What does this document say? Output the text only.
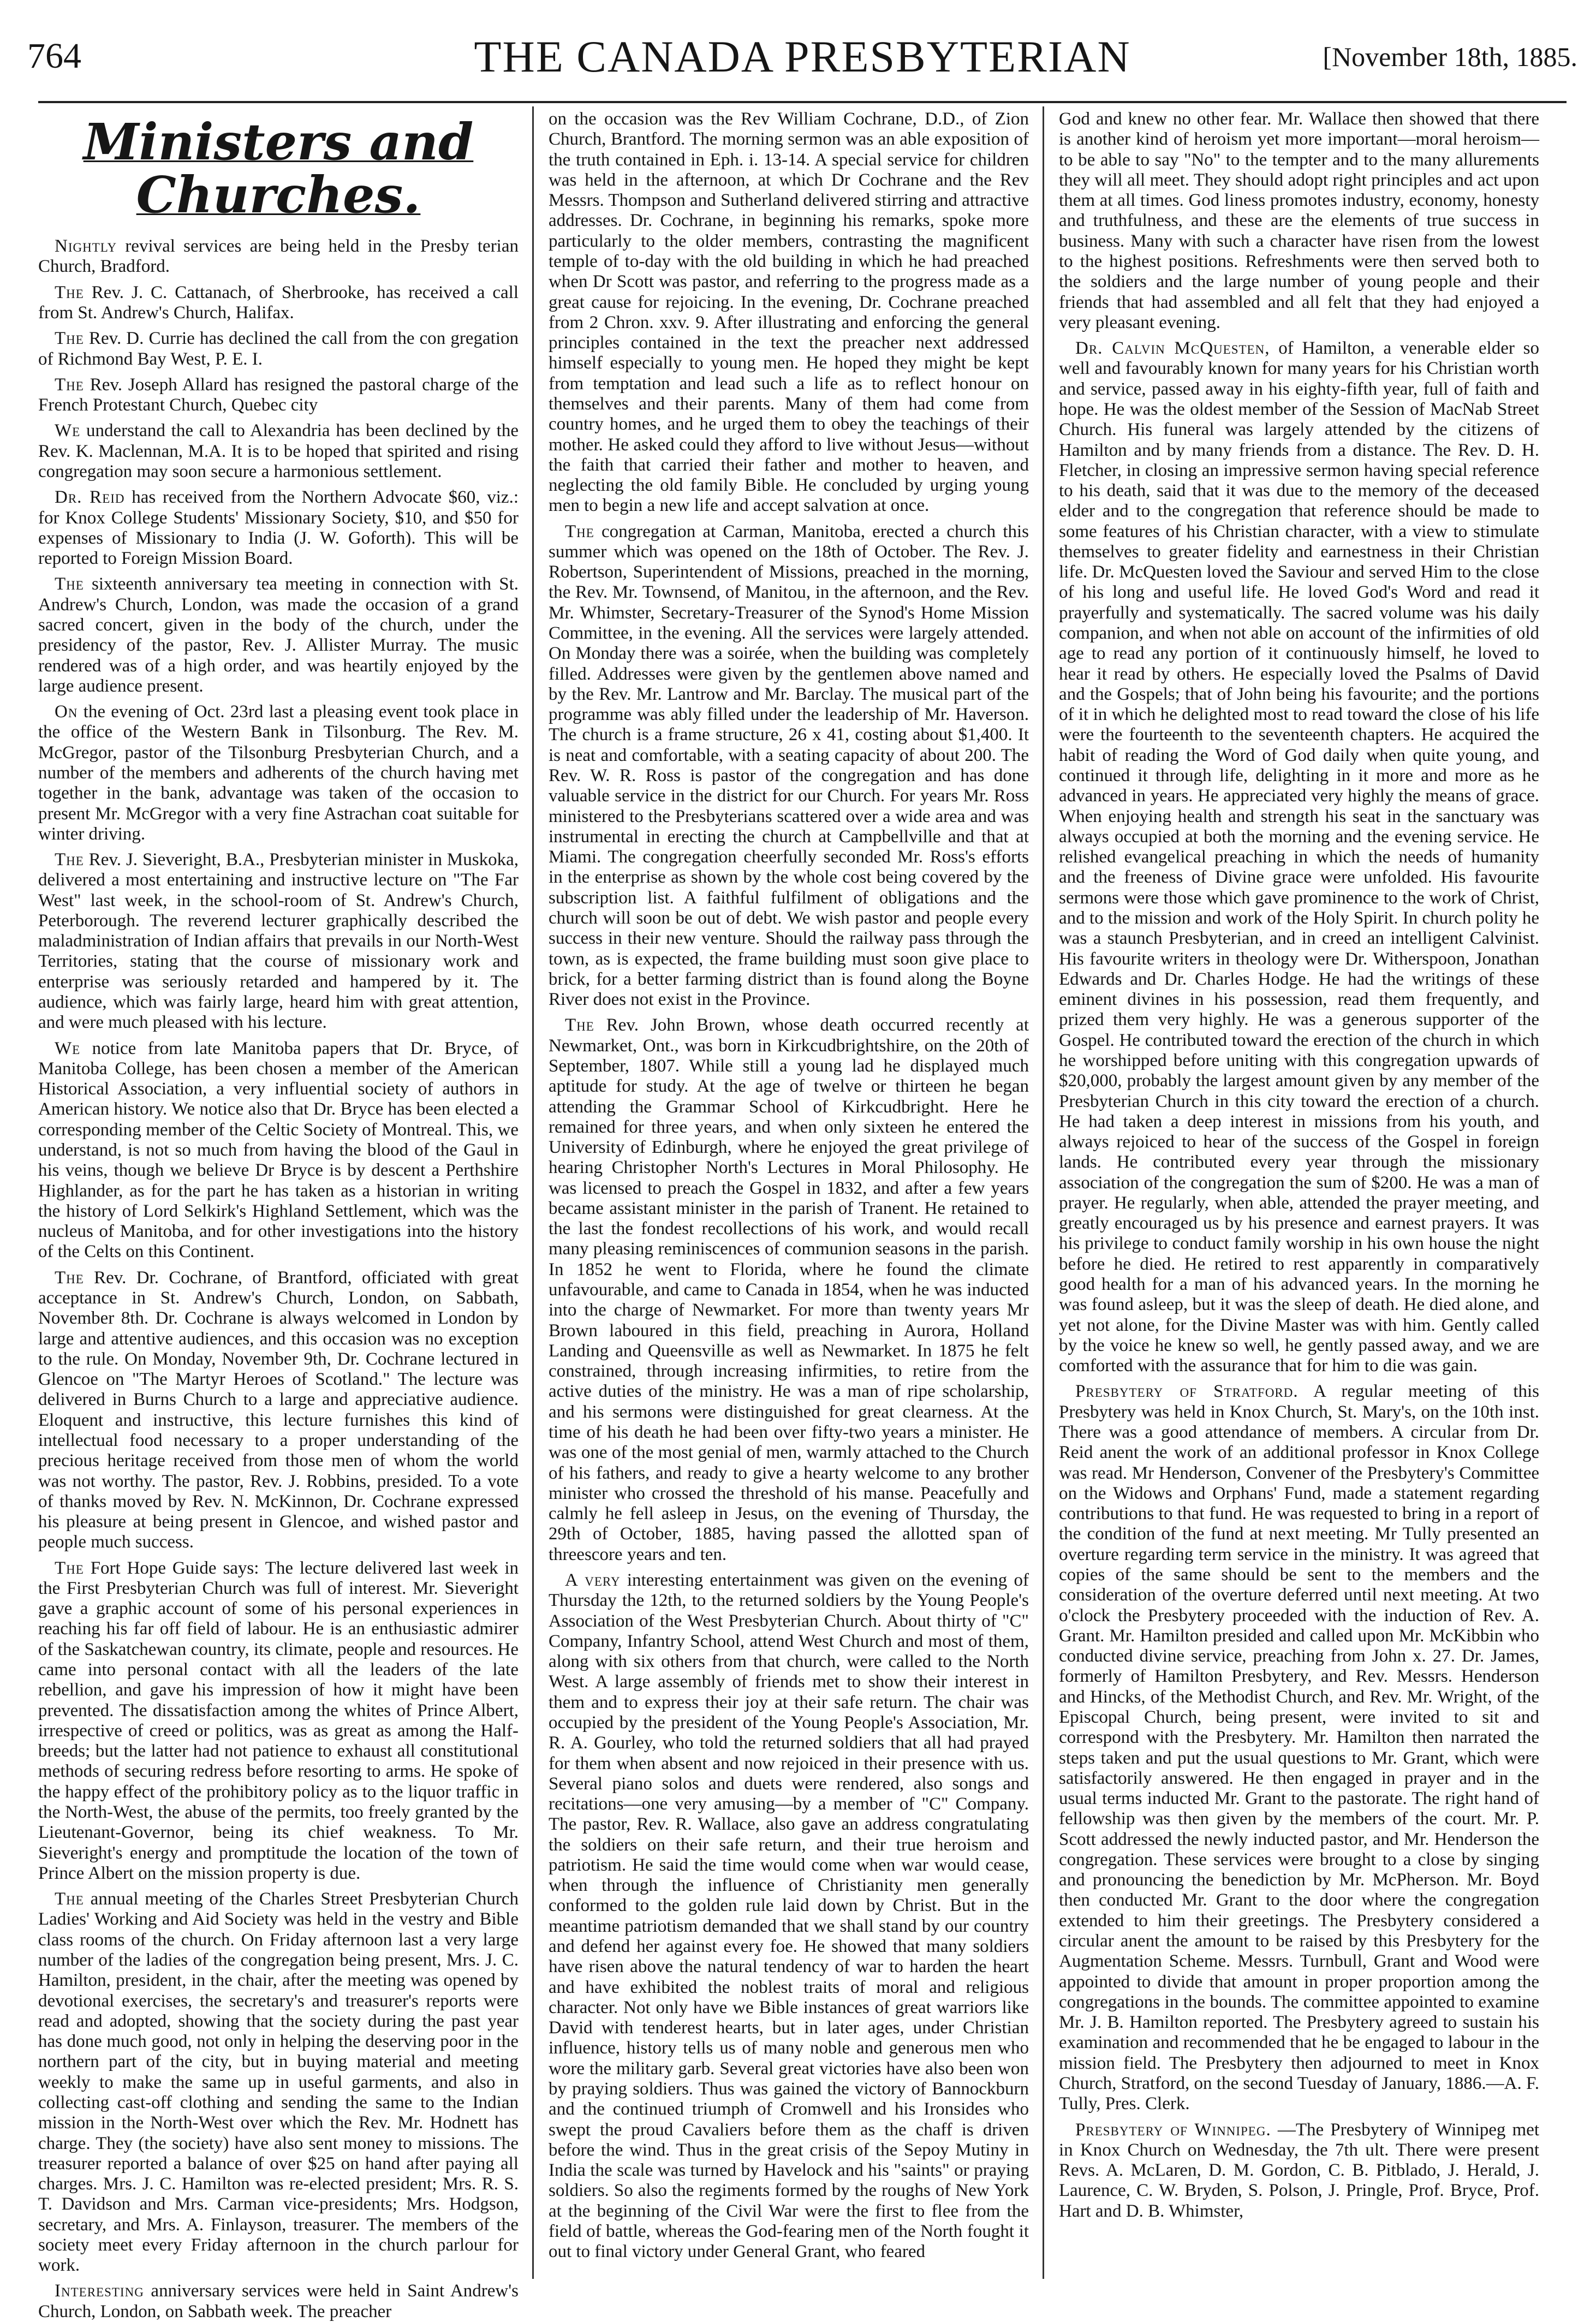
764	THE CANADA PRESBYTERIAN	[November 18th, 1885.
Ministers and Churches.

Nightly revival services are being held in the Presby terian Church, Bradford.

The Rev. J. C. Cattanach, of Sherbrooke, has received a call from St. Andrew's Church, Halifax.

The Rev. D. Currie has declined the call from the con gregation of Richmond Bay West, P. E. I.

The Rev. Joseph Allard has resigned the pastoral charge of the French Protestant Church, Quebec city

We understand the call to Alexandria has been declined by the Rev. K. Maclennan, M.A. It is to be hoped that spirited and rising congregation may soon secure a harmonious settlement.

Dr. Reid has received from the Northern Advocate $60, viz.: for Knox College Students' Missionary Society, $10, and $50 for expenses of Missionary to India (J. W. Goforth). This will be reported to Foreign Mission Board.

The sixteenth anniversary tea meeting in connection with St. Andrew's Church, London, was made the occasion of a grand sacred concert, given in the body of the church, under the presidency of the pastor, Rev. J. Allister Murray. The music rendered was of a high order, and was heartily enjoyed by the large audience present.

On the evening of Oct. 23rd last a pleasing event took place in the office of the Western Bank in Tilsonburg. The Rev. M. McGregor, pastor of the Tilsonburg Presbyterian Church, and a number of the members and adherents of the church having met together in the bank, advantage was taken of the occasion to present Mr. McGregor with a very fine Astrachan coat suitable for winter driving.

The Rev. J. Sieveright, B.A., Presbyterian minister in Muskoka, delivered a most entertaining and instructive lecture on "The Far West" last week, in the school-room of St. Andrew's Church, Peterborough. The reverend lecturer graphically described the maladministration of Indian affairs that prevails in our North-West Territories, stating that the course of missionary work and enterprise was seriously retarded and hampered by it. The audience, which was fairly large, heard him with great attention, and were much pleased with his lecture.

We notice from late Manitoba papers that Dr. Bryce, of Manitoba College, has been chosen a member of the American Historical Association, a very influential society of authors in American history. We notice also that Dr. Bryce has been elected a corresponding member of the Celtic Society of Montreal. This, we understand, is not so much from having the blood of the Gaul in his veins, though we believe Dr Bryce is by descent a Perthshire Highlander, as for the part he has taken as a historian in writing the history of Lord Selkirk's Highland Settlement, which was the nucleus of Manitoba, and for other investigations into the history of the Celts on this Continent.

The Rev. Dr. Cochrane, of Brantford, officiated with great acceptance in St. Andrew's Church, London, on Sabbath, November 8th. Dr. Cochrane is always welcomed in London by large and attentive audiences, and this occasion was no exception to the rule. On Monday, November 9th, Dr. Cochrane lectured in Glencoe on "The Martyr Heroes of Scotland." The lecture was delivered in Burns Church to a large and appreciative audience. Eloquent and instructive, this lecture furnishes this kind of intellectual food necessary to a proper understanding of the precious heritage received from those men of whom the world was not worthy. The pastor, Rev. J. Robbins, presided. To a vote of thanks moved by Rev. N. McKinnon, Dr. Cochrane expressed his pleasure at being present in Glencoe, and wished pastor and people much success.

The Fort Hope Guide says: The lecture delivered last week in the First Presbyterian Church was full of interest. Mr. Sieveright gave a graphic account of some of his personal experiences in reaching his far off field of labour. He is an enthusiastic admirer of the Saskatchewan country, its climate, people and resources. He came into personal contact with all the leaders of the late rebellion, and gave his impression of how it might have been prevented. The dissatisfaction among the whites of Prince Albert, irrespective of creed or politics, was as great as among the Half-breeds; but the latter had not patience to exhaust all constitutional methods of securing redress before resorting to arms. He spoke of the happy effect of the prohibitory policy as to the liquor traffic in the North-West, the abuse of the permits, too freely granted by the Lieutenant-Governor, being its chief weakness. To Mr. Sieveright's energy and promptitude the location of the town of Prince Albert on the mission property is due.

The annual meeting of the Charles Street Presbyterian Church Ladies' Working and Aid Society was held in the vestry and Bible class rooms of the church. On Friday afternoon last a very large number of the ladies of the congregation being present, Mrs. J. C. Hamilton, president, in the chair, after the meeting was opened by devotional exercises, the secretary's and treasurer's reports were read and adopted, showing that the society during the past year has done much good, not only in helping the deserving poor in the northern part of the city, but in buying material and meeting weekly to make the same up in useful garments, and also in collecting cast-off clothing and sending the same to the Indian mission in the North-West over which the Rev. Mr. Hodnett has charge. They (the society) have also sent money to missions. The treasurer reported a balance of over $25 on hand after paying all charges. Mrs. J. C. Hamilton was re-elected president; Mrs. R. S. T. Davidson and Mrs. Carman vice-presidents; Mrs. Hodgson, secretary, and Mrs. A. Finlayson, treasurer. The members of the society meet every Friday afternoon in the church parlour for work.

Interesting anniversary services were held in Saint Andrew's Church, London, on Sabbath week. The preacher

on the occasion was the Rev William Cochrane, D.D., of Zion Church, Brantford. The morning sermon was an able exposition of the truth contained in Eph. i. 13-14. A special service for children was held in the afternoon, at which Dr Cochrane and the Rev Messrs. Thompson and Sutherland delivered stirring and attractive addresses. Dr. Cochrane, in beginning his remarks, spoke more particularly to the older members, contrasting the magnificent temple of to-day with the old building in which he had preached when Dr Scott was pastor, and referring to the progress made as a great cause for rejoicing. In the evening, Dr. Cochrane preached from 2 Chron. xxv. 9. After illustrating and enforcing the general principles contained in the text the preacher next addressed himself especially to young men. He hoped they might be kept from temptation and lead such a life as to reflect honour on themselves and their parents. Many of them had come from country homes, and he urged them to obey the teachings of their mother. He asked could they afford to live without Jesus—without the faith that carried their father and mother to heaven, and neglecting the old family Bible. He concluded by urging young men to begin a new life and accept salvation at once.

The congregation at Carman, Manitoba, erected a church this summer which was opened on the 18th of October. The Rev. J. Robertson, Superintendent of Missions, preached in the morning, the Rev. Mr. Townsend, of Manitou, in the afternoon, and the Rev. Mr. Whimster, Secretary-Treasurer of the Synod's Home Mission Committee, in the evening. All the services were largely attended. On Monday there was a soirée, when the building was completely filled. Addresses were given by the gentlemen above named and by the Rev. Mr. Lantrow and Mr. Barclay. The musical part of the programme was ably filled under the leadership of Mr. Haverson. The church is a frame structure, 26 x 41, costing about $1,400. It is neat and comfortable, with a seating capacity of about 200. The Rev. W. R. Ross is pastor of the congregation and has done valuable service in the district for our Church. For years Mr. Ross ministered to the Presbyterians scattered over a wide area and was instrumental in erecting the church at Campbellville and that at Miami. The congregation cheerfully seconded Mr. Ross's efforts in the enterprise as shown by the whole cost being covered by the subscription list. A faithful fulfilment of obligations and the church will soon be out of debt. We wish pastor and people every success in their new venture. Should the railway pass through the town, as is expected, the frame building must soon give place to brick, for a better farming district than is found along the Boyne River does not exist in the Province.

The Rev. John Brown, whose death occurred recently at Newmarket, Ont., was born in Kirkcudbrightshire, on the 20th of September, 1807. While still a young lad he displayed much aptitude for study. At the age of twelve or thirteen he began attending the Grammar School of Kirkcudbright. Here he remained for three years, and when only sixteen he entered the University of Edinburgh, where he enjoyed the great privilege of hearing Christopher North's Lectures in Moral Philosophy. He was licensed to preach the Gospel in 1832, and after a few years became assistant minister in the parish of Tranent. He retained to the last the fondest recollections of his work, and would recall many pleasing reminiscences of communion seasons in the parish. In 1852 he went to Florida, where he found the climate unfavourable, and came to Canada in 1854, when he was inducted into the charge of Newmarket. For more than twenty years Mr Brown laboured in this field, preaching in Aurora, Holland Landing and Queensville as well as Newmarket. In 1875 he felt constrained, through increasing infirmities, to retire from the active duties of the ministry. He was a man of ripe scholarship, and his sermons were distinguished for great clearness. At the time of his death he had been over fifty-two years a minister. He was one of the most genial of men, warmly attached to the Church of his fathers, and ready to give a hearty welcome to any brother minister who crossed the threshold of his manse. Peacefully and calmly he fell asleep in Jesus, on the evening of Thursday, the 29th of October, 1885, having passed the allotted span of threescore years and ten.

A very interesting entertainment was given on the evening of Thursday the 12th, to the returned soldiers by the Young People's Association of the West Presbyterian Church. About thirty of "C" Company, Infantry School, attend West Church and most of them, along with six others from that church, were called to the North West. A large assembly of friends met to show their interest in them and to express their joy at their safe return. The chair was occupied by the president of the Young People's Association, Mr. R. A. Gourley, who told the returned soldiers that all had prayed for them when absent and now rejoiced in their presence with us. Several piano solos and duets were rendered, also songs and recitations—one very amusing—by a member of "C" Company. The pastor, Rev. R. Wallace, also gave an address congratulating the soldiers on their safe return, and their true heroism and patriotism. He said the time would come when war would cease, when through the influence of Christianity men generally conformed to the golden rule laid down by Christ. But in the meantime patriotism demanded that we shall stand by our country and defend her against every foe. He showed that many soldiers have risen above the natural tendency of war to harden the heart and have exhibited the noblest traits of moral and religious character. Not only have we Bible instances of great warriors like David with tenderest hearts, but in later ages, under Christian influence, history tells us of many noble and generous men who wore the military garb. Several great victories have also been won by praying soldiers. Thus was gained the victory of Bannockburn and the continued triumph of Cromwell and his Ironsides who swept the proud Cavaliers before them as the chaff is driven before the wind. Thus in the great crisis of the Sepoy Mutiny in India the scale was turned by Havelock and his "saints" or praying soldiers. So also the regiments formed by the roughs of New York at the beginning of the Civil War were the first to flee from the field of battle, whereas the God-fearing men of the North fought it out to final victory under General Grant, who feared

God and knew no other fear. Mr. Wallace then showed that there is another kind of heroism yet more important—moral heroism—to be able to say "No" to the tempter and to the many allurements they will all meet. They should adopt right principles and act upon them at all times. God liness promotes industry, economy, honesty and truthfulness, and these are the elements of true success in business. Many with such a character have risen from the lowest to the highest positions. Refreshments were then served both to the soldiers and the large number of young people and their friends that had assembled and all felt that they had enjoyed a very pleasant evening.

Dr. Calvin McQuesten, of Hamilton, a venerable elder so well and favourably known for many years for his Christian worth and service, passed away in his eighty-fifth year, full of faith and hope. He was the oldest member of the Session of MacNab Street Church. His funeral was largely attended by the citizens of Hamilton and by many friends from a distance. The Rev. D. H. Fletcher, in closing an impressive sermon having special reference to his death, said that it was due to the memory of the deceased elder and to the congregation that reference should be made to some features of his Christian character, with a view to stimulate themselves to greater fidelity and earnestness in their Christian life. Dr. McQuesten loved the Saviour and served Him to the close of his long and useful life. He loved God's Word and read it prayerfully and systematically. The sacred volume was his daily companion, and when not able on account of the infirmities of old age to read any portion of it continuously himself, he loved to hear it read by others. He especially loved the Psalms of David and the Gospels; that of John being his favourite; and the portions of it in which he delighted most to read toward the close of his life were the fourteenth to the seventeenth chapters. He acquired the habit of reading the Word of God daily when quite young, and continued it through life, delighting in it more and more as he advanced in years. He appreciated very highly the means of grace. When enjoying health and strength his seat in the sanctuary was always occupied at both the morning and the evening service. He relished evangelical preaching in which the needs of humanity and the freeness of Divine grace were unfolded. His favourite sermons were those which gave prominence to the work of Christ, and to the mission and work of the Holy Spirit. In church polity he was a staunch Presbyterian, and in creed an intelligent Calvinist. His favourite writers in theology were Dr. Witherspoon, Jonathan Edwards and Dr. Charles Hodge. He had the writings of these eminent divines in his possession, read them frequently, and prized them very highly. He was a generous supporter of the Gospel. He contributed toward the erection of the church in which he worshipped before uniting with this congregation upwards of $20,000, probably the largest amount given by any member of the Presbyterian Church in this city toward the erection of a church. He had taken a deep interest in missions from his youth, and always rejoiced to hear of the success of the Gospel in foreign lands. He contributed every year through the missionary association of the congregation the sum of $200. He was a man of prayer. He regularly, when able, attended the prayer meeting, and greatly encouraged us by his presence and earnest prayers. It was his privilege to conduct family worship in his own house the night before he died. He retired to rest apparently in comparatively good health for a man of his advanced years. In the morning he was found asleep, but it was the sleep of death. He died alone, and yet not alone, for the Divine Master was with him. Gently called by the voice he knew so well, he gently passed away, and we are comforted with the assurance that for him to die was gain.

Presbytery of Stratford. A regular meeting of this Presbytery was held in Knox Church, St. Mary's, on the 10th inst. There was a good attendance of members. A circular from Dr. Reid anent the work of an additional professor in Knox College was read. Mr Henderson, Convener of the Presbytery's Committee on the Widows and Orphans' Fund, made a statement regarding contributions to that fund. He was requested to bring in a report of the condition of the fund at next meeting. Mr Tully presented an overture regarding term service in the ministry. It was agreed that copies of the same should be sent to the members and the consideration of the overture deferred until next meeting. At two o'clock the Presbytery proceeded with the induction of Rev. A. Grant. Mr. Hamilton presided and called upon Mr. McKibbin who conducted divine service, preaching from John x. 27. Dr. James, formerly of Hamilton Presbytery, and Rev. Messrs. Henderson and Hincks, of the Methodist Church, and Rev. Mr. Wright, of the Episcopal Church, being present, were invited to sit and correspond with the Presbytery. Mr. Hamilton then narrated the steps taken and put the usual questions to Mr. Grant, which were satisfactorily answered. He then engaged in prayer and in the usual terms inducted Mr. Grant to the pastorate. The right hand of fellowship was then given by the members of the court. Mr. P. Scott addressed the newly inducted pastor, and Mr. Henderson the congregation. These services were brought to a close by singing and pronouncing the benediction by Mr. McPherson. Mr. Boyd then conducted Mr. Grant to the door where the congregation extended to him their greetings. The Presbytery considered a circular anent the amount to be raised by this Presbytery for the Augmentation Scheme. Messrs. Turnbull, Grant and Wood were appointed to divide that amount in proper proportion among the congregations in the bounds. The committee appointed to examine Mr. J. B. Hamilton reported. The Presbytery agreed to sustain his examination and recommended that he be engaged to labour in the mission field. The Presbytery then adjourned to meet in Knox Church, Stratford, on the second Tuesday of January, 1886.—A. F. Tully, Pres. Clerk.

Presbytery of Winnipeg. —The Presbytery of Winnipeg met in Knox Church on Wednesday, the 7th ult. There were present Revs. A. McLaren, D. M. Gordon, C. B. Pitblado, J. Herald, J. Laurence, C. W. Bryden, S. Polson, J. Pringle, Prof. Bryce, Prof. Hart and D. B. Whimster,
